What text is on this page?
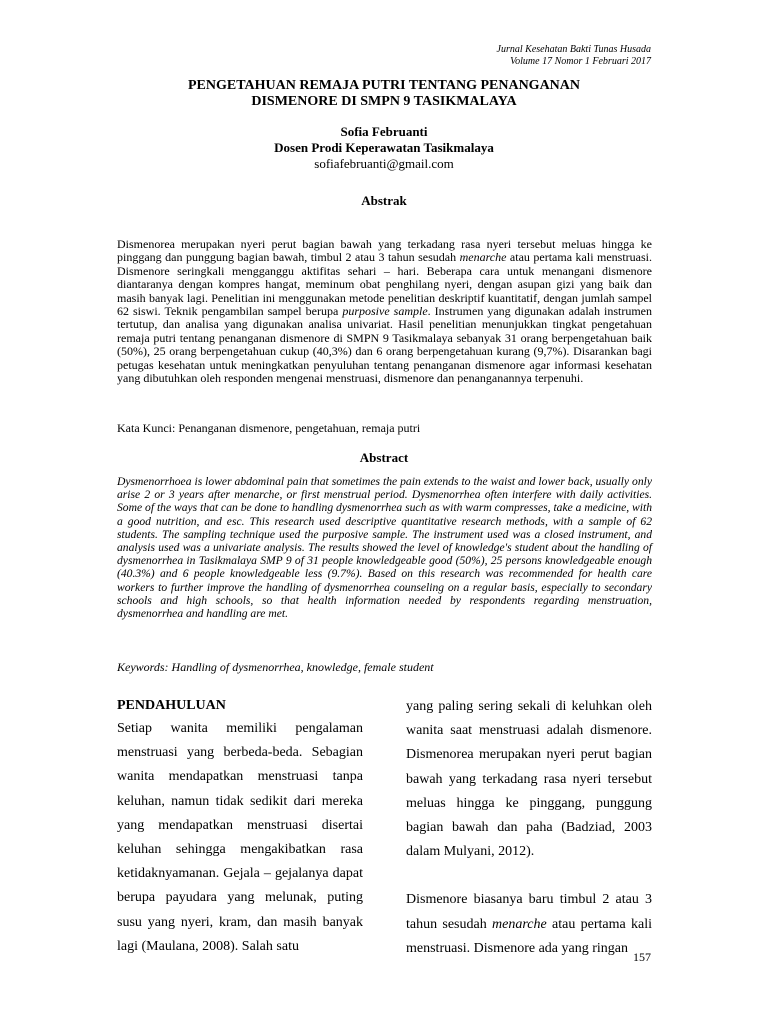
Jurnal Kesehatan Bakti Tunas Husada
Volume 17 Nomor 1 Februari 2017
PENGETAHUAN REMAJA PUTRI TENTANG PENANGANAN
DISMENORE DI SMPN 9 TASIKMALAYA
Sofia Februanti
Dosen Prodi Keperawatan Tasikmalaya
sofiafebruanti@gmail.com
Abstrak

Dismenorea merupakan nyeri perut bagian bawah yang terkadang rasa nyeri tersebut meluas hingga ke pinggang dan punggung bagian bawah, timbul 2 atau 3 tahun sesudah menarche atau pertama kali menstruasi. Dismenore seringkali mengganggu aktifitas sehari – hari. Beberapa cara untuk menangani dismenore diantaranya dengan kompres hangat, meminum obat penghilang nyeri, dengan asupan gizi yang baik dan masih banyak lagi. Penelitian ini menggunakan metode penelitian deskriptif kuantitatif, dengan jumlah sampel 62 siswi. Teknik pengambilan sampel berupa purposive sample. Instrumen yang digunakan adalah instrumen tertutup, dan analisa yang digunakan analisa univariat. Hasil penelitian menunjukkan tingkat pengetahuan remaja putri tentang penanganan dismenore di SMPN 9 Tasikmalaya sebanyak 31 orang berpengetahuan baik (50%), 25 orang berpengetahuan cukup (40,3%) dan 6 orang berpengetahuan kurang (9,7%). Disarankan bagi petugas kesehatan untuk meningkatkan penyuluhan tentang penanganan dismenore agar informasi kesehatan yang dibutuhkan oleh responden mengenai menstruasi, dismenore dan penanganannya terpenuhi.

Kata Kunci: Penanganan dismenore, pengetahuan, remaja putri

Abstract

Dysmenorrhoea is lower abdominal pain that sometimes the pain extends to the waist and lower back, usually only arise 2 or 3 years after menarche, or first menstrual period. Dysmenorrhea often interfere with daily activities. Some of the ways that can be done to handling dysmenorrhea such as with warm compresses, take a medicine, with a good nutrition, and esc. This research used descriptive quantitative research methods, with a sample of 62 students. The sampling technique used the purposive sample. The instrument used was a closed instrument, and analysis used was a univariate analysis. The results showed the level of knowledge's student about the handling of dysmenorrhea in Tasikmalaya SMP 9 of 31 people knowledgeable good (50%), 25 persons knowledgeable enough (40.3%) and 6 people knowledgeable less (9.7%). Based on this research was recommended for health care workers to further improve the handling of dysmenorrhea counseling on a regular basis, especially to secondary schools and high schools, so that health information needed by respondents regarding menstruation, dysmenorrhea and handling are met.

Keywords: Handling of dysmenorrhea, knowledge, female student

PENDAHULUAN

Setiap wanita memiliki pengalaman menstruasi yang berbeda-beda. Sebagian wanita mendapatkan menstruasi tanpa keluhan, namun tidak sedikit dari mereka yang mendapatkan menstruasi disertai keluhan sehingga mengakibatkan rasa ketidaknyamanan. Gejala – gejalanya dapat berupa payudara yang melunak, puting susu yang nyeri, kram, dan masih banyak lagi (Maulana, 2008). Salah satu

yang paling sering sekali di keluhkan oleh wanita saat menstruasi adalah dismenore. Dismenorea merupakan nyeri perut bagian bawah yang terkadang rasa nyeri tersebut meluas hingga ke pinggang, punggung bagian bawah dan paha (Badziad, 2003 dalam Mulyani, 2012).

Dismenore biasanya baru timbul 2 atau 3 tahun sesudah menarche atau pertama kali menstruasi. Dismenore ada yang ringan

157
